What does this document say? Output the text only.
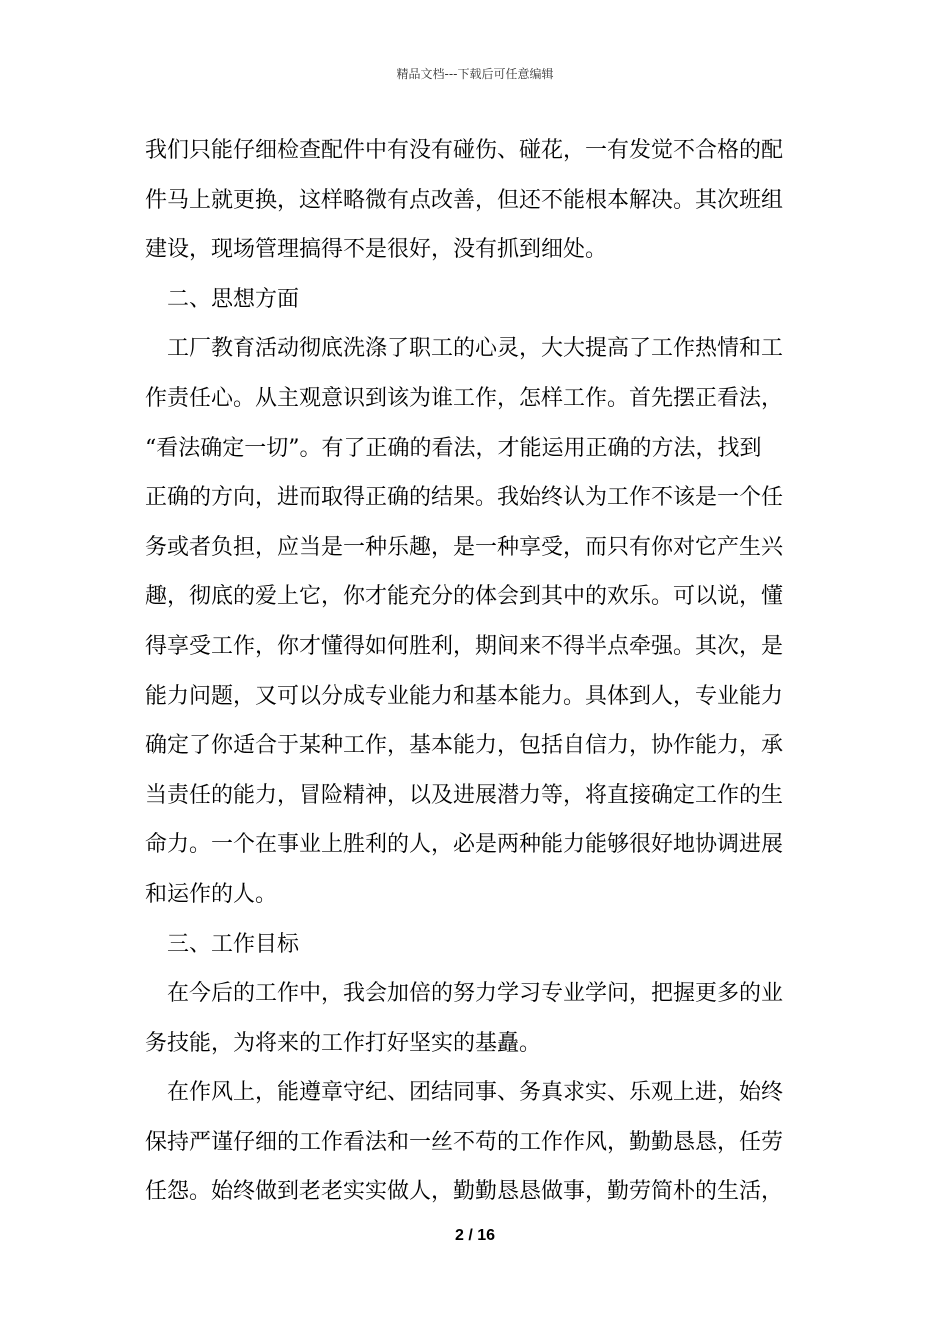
精品文档---下载后可任意编辑

我们只能仔细检查配件中有没有碰伤、碰花，一有发觉不合格的配

件马上就更换，这样略微有点改善，但还不能根本解决。其次班组

建设，现场管理搞得不是很好，没有抓到细处。

二、思想方面

工厂教育活动彻底洗涤了职工的心灵，大大提高了工作热情和工

作责任心。从主观意识到该为谁工作，怎样工作。首先摆正看法，

“看法确定一切”。有了正确的看法，才能运用正确的方法，找到

正确的方向，进而取得正确的结果。我始终认为工作不该是一个任

务或者负担，应当是一种乐趣，是一种享受，而只有你对它产生兴

趣，彻底的爱上它，你才能充分的体会到其中的欢乐。可以说，懂

得享受工作，你才懂得如何胜利，期间来不得半点牵强。其次，是

能力问题，又可以分成专业能力和基本能力。具体到人，专业能力

确定了你适合于某种工作，基本能力，包括自信力，协作能力，承

当责任的能力，冒险精神，以及进展潜力等，将直接确定工作的生

命力。一个在事业上胜利的人，必是两种能力能够很好地协调进展

和运作的人。

三、工作目标

在今后的工作中，我会加倍的努力学习专业学问，把握更多的业

务技能，为将来的工作打好坚实的基矗。

在作风上，能遵章守纪、团结同事、务真求实、乐观上进，始终

保持严谨仔细的工作看法和一丝不苟的工作作风，勤勤恳恳，任劳

任怨。始终做到老老实实做人，勤勤恳恳做事，勤劳简朴的生活，

2 / 16
